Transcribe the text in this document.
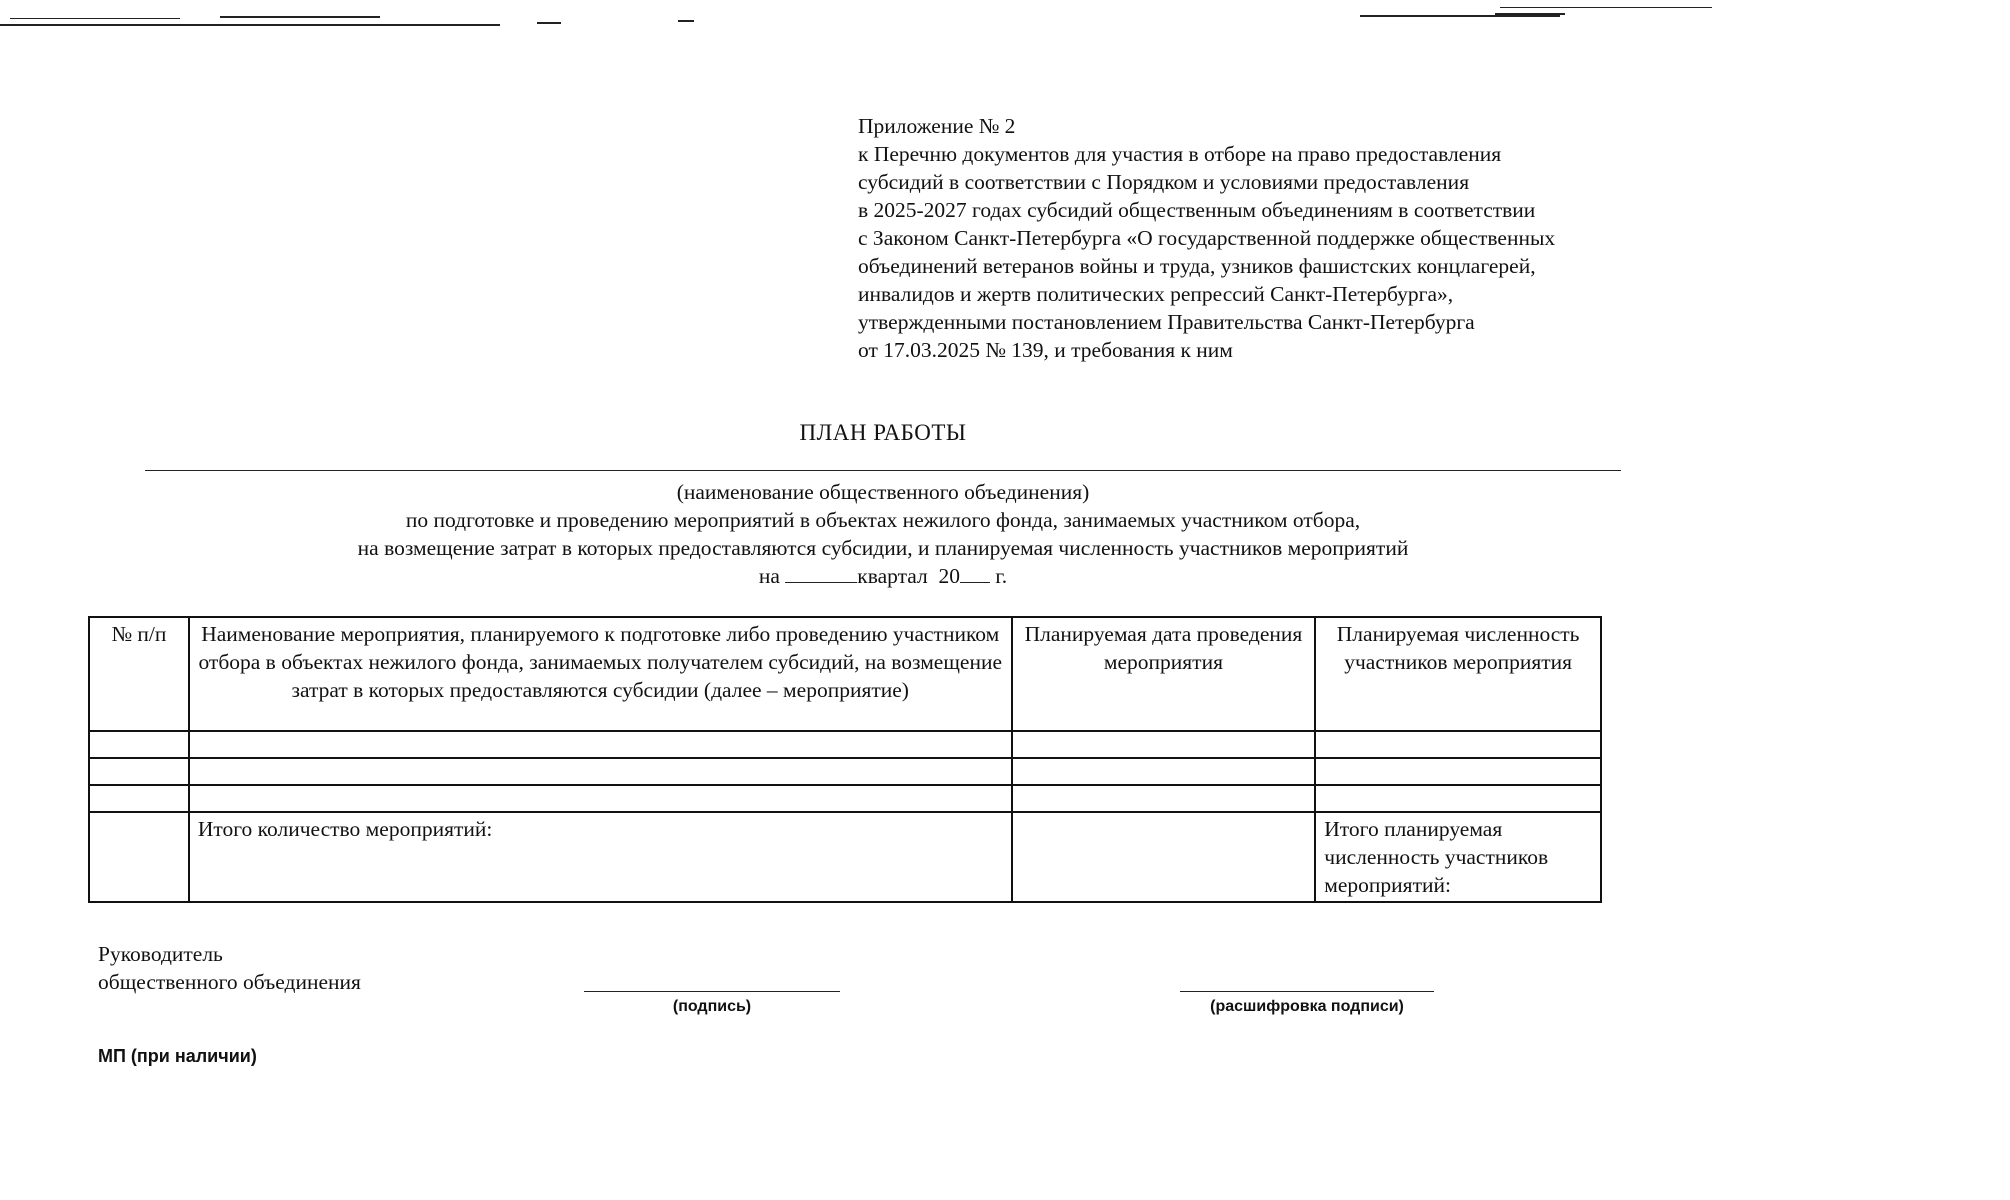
Приложение № 2
к Перечню документов для участия в отборе на право предоставления
субсидий в соответствии с Порядком и условиями предоставления
в 2025-2027 годах субсидий общественным объединениям в соответствии
с Законом Санкт-Петербурга «О государственной поддержке общественных
объединений ветеранов войны и труда, узников фашистских концлагерей,
инвалидов и жертв политических репрессий Санкт-Петербурга»,
утвержденными постановлением Правительства Санкт-Петербурга
от 17.03.2025 № 139, и требования к ним
ПЛАН РАБОТЫ
(наименование общественного объединения)
по подготовке и проведению мероприятий в объектах нежилого фонда, занимаемых участником отбора,
на возмещение затрат в которых предоставляются субсидии, и планируемая численность участников мероприятий
на	квартал 20 г.
№ п/п	Наименование мероприятия, планируемого к подготовке либо проведению участником отбора в объектах нежилого фонда, занимаемых получателем субсидий, на возмещение затрат в которых предоставляются субсидии (далее – мероприятие)	Планируемая дата проведения мероприятия	Планируемая численность участников мероприятия

	Итого количество мероприятий:		Итого планируемая численность участников мероприятий:
Руководитель
общественного объединения
(подпись)	(расшифровка подписи)
МП (при наличии)
